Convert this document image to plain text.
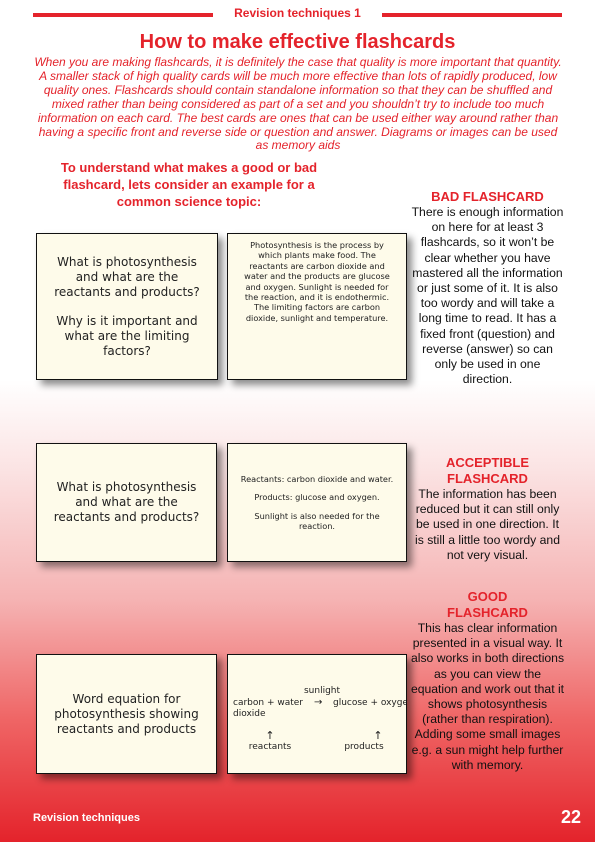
Revision techniques 1
How to make effective flashcards

When you are making flashcards, it is definitely the case that quality is more important that quantity. A smaller stack of high quality cards will be much more effective than lots of rapidly produced, low quality ones. Flashcards should contain standalone information so that they can be shuffled and mixed rather than being considered as part of a set and you shouldn’t try to include too much information on each card. The best cards are ones that can be used either way around rather than having a specific front and reverse side or question and answer. Diagrams or images can be used as memory aids

To understand what makes a good or bad flashcard, lets consider an example for a common science topic:

What is photosynthesis and what are the reactants and products?

Why is it important and what are the limiting factors?

Photosynthesis is the process by which plants make food. The reactants are carbon dioxide and water and the products are glucose and oxygen. Sunlight is needed for the reaction, and it is endothermic. The limiting factors are carbon dioxide, sunlight and temperature.

BAD FLASHCARD

There is enough information on here for at least 3 flashcards, so it won’t be clear whether you have mastered all the information or just some of it. It is also too wordy and will take a long time to read. It has a fixed front (question) and reverse (answer) so can only be used in one direction.

What is photosynthesis and what are the reactants and products?

Reactants: carbon dioxide and water.

Products: glucose and oxygen.

Sunlight is also needed for the reaction.

ACCEPTIBLE FLASHCARD

The information has been reduced but it can still only be used in one direction. It is still a little too wordy and not very visual.

Word equation for photosynthesis showing reactants and products

sunlight
carbon + water → glucose + oxygen
dioxide
↑	↑
reactants	products

GOOD FLASHCARD

This has clear information presented in a visual way. It also works in both directions as you can view the equation and work out that it shows photosynthesis (rather than respiration). Adding some small images e.g. a sun might help further with memory.

Revision techniques	22
